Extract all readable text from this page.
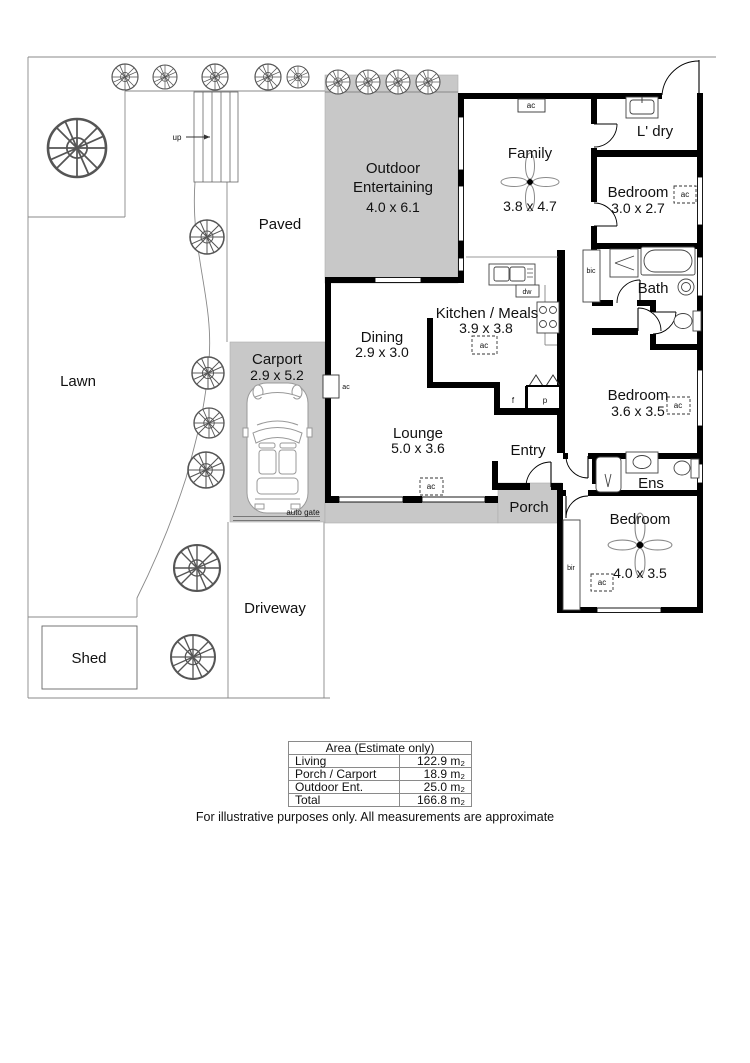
Lawn
Paved
Driveway
Shed
up
auto gate
Outdoor
Entertaining
4.0 x 6.1
Carport
2.9 x 5.2
Family
3.8 x 4.7
L' dry
Bedroom
3.0 x 2.7
Bath
Kitchen / Meals
3.9 x 3.8
Dining
2.9 x 3.0
Lounge
5.0 x 3.6	Entry
Porch
Bedroom
3.6 x 3.5
Ens
Bedroom
4.0 x 3.5
f	p
dw
bic
bir
ac
ac
ac
ac
ac
ac
ac
Area (Estimate only)	
Living	122.9 m₂
Porch / Carport	18.9 m₂
Outdoor Ent.	25.0 m₂
Total	166.8 m₂
For illustrative purposes only. All measurements are approximate
